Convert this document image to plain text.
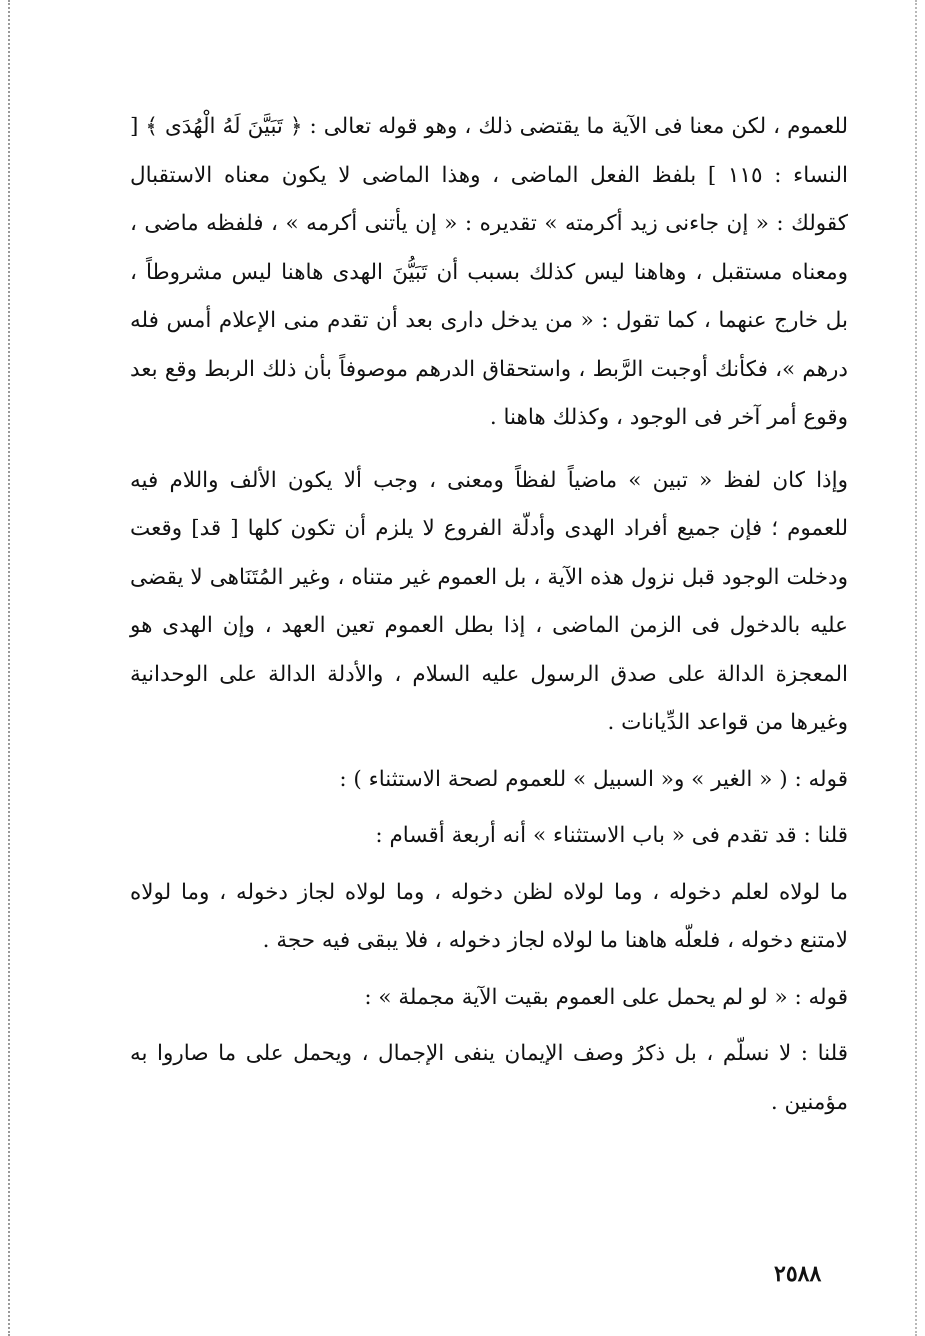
للعموم ، لكن معنا فى الآية ما يقتضى ذلك ، وهو قوله تعالى : ﴿ تَبَيَّنَ لَهُ الْهُدَى ﴾ [ النساء : ١١٥ ] بلفظ الفعل الماضى ، وهذا الماضى لا يكون معناه الاستقبال كقولك : « إن جاءنى زيد أكرمته » تقديره : « إن يأتنى أكرمه » ، فلفظه ماضى ، ومعناه مستقبل ، وهاهنا ليس كذلك بسبب أن تَبَيُّنَ الهدى هاهنا ليس مشروطاً ، بل خارج عنهما ، كما تقول : « من يدخل دارى بعد أن تقدم منى الإعلام أمس فله درهم »، فكأنك أوجبت الرَّبط ، واستحقاق الدرهم موصوفاً بأن ذلك الربط وقع بعد وقوع أمر آخر فى الوجود ، وكذلك هاهنا .

وإذا كان لفظ « تبين » ماضياً لفظاً ومعنى ، وجب ألا يكون الألف واللام فيه للعموم ؛ فإن جميع أفراد الهدى وأدلّة الفروع لا يلزم أن تكون كلها [ قد] وقعت ودخلت الوجود قبل نزول هذه الآية ، بل العموم غير متناه ، وغير المُتَنَاهى لا يقضى عليه بالدخول فى الزمن الماضى ، إذا بطل العموم تعين العهد ، وإن الهدى هو المعجزة الدالة على صدق الرسول عليه السلام ، والأدلة الدالة على الوحدانية وغيرها من قواعد الدِّيانات .

قوله : ( « الغير » و« السبيل » للعموم لصحة الاستثناء ) :

قلنا : قد تقدم فى « باب الاستثناء » أنه أربعة أقسام :

ما لولاه لعلم دخوله ، وما لولاه لظن دخوله ، وما لولاه لجاز دخوله ، وما لولاه لامتنع دخوله ، فلعلّه هاهنا ما لولاه لجاز دخوله ، فلا يبقى فيه حجة .

قوله : « لو لم يحمل على العموم بقيت الآية مجملة » :

قلنا : لا نسلّم ، بل ذكرُ وصف الإيمان ينفى الإجمال ، ويحمل على ما صاروا به مؤمنين .

٢٥٨٨
